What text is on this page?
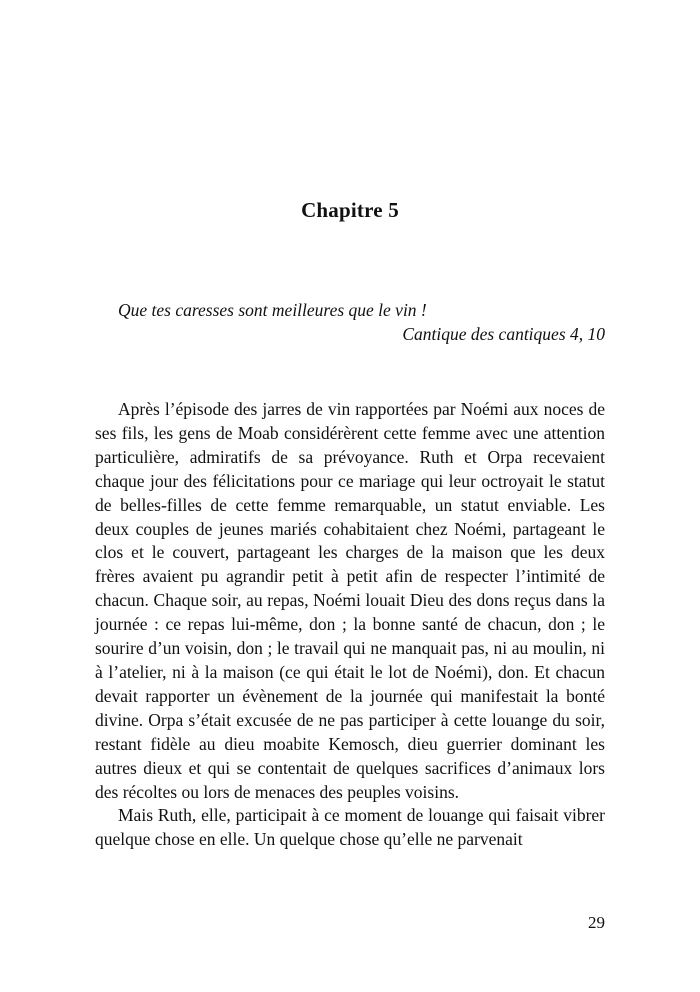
Chapitre 5
Que tes caresses sont meilleures que le vin !
Cantique des cantiques 4, 10

Après l’épisode des jarres de vin rapportées par Noémi aux noces de ses fils, les gens de Moab considérèrent cette femme avec une attention particulière, admiratifs de sa prévoyance. Ruth et Orpa recevaient chaque jour des félicitations pour ce mariage qui leur octroyait le statut de belles-filles de cette femme remarquable, un statut enviable. Les deux couples de jeunes mariés cohabitaient chez Noémi, partageant le clos et le couvert, partageant les charges de la maison que les deux frères avaient pu agrandir petit à petit afin de respecter l’intimité de chacun. Chaque soir, au repas, Noémi louait Dieu des dons reçus dans la journée : ce repas lui-même, don ; la bonne santé de chacun, don ; le sourire d’un voisin, don ; le travail qui ne manquait pas, ni au moulin, ni à l’atelier, ni à la maison (ce qui était le lot de Noémi), don. Et chacun devait rapporter un évènement de la journée qui manifestait la bonté divine. Orpa s’était excusée de ne pas participer à cette louange du soir, restant fidèle au dieu moabite Kemosch, dieu guerrier dominant les autres dieux et qui se contentait de quelques sacrifices d’animaux lors des récoltes ou lors de menaces des peuples voisins.

Mais Ruth, elle, participait à ce moment de louange qui faisait vibrer quelque chose en elle. Un quelque chose qu’elle ne parvenait

29
